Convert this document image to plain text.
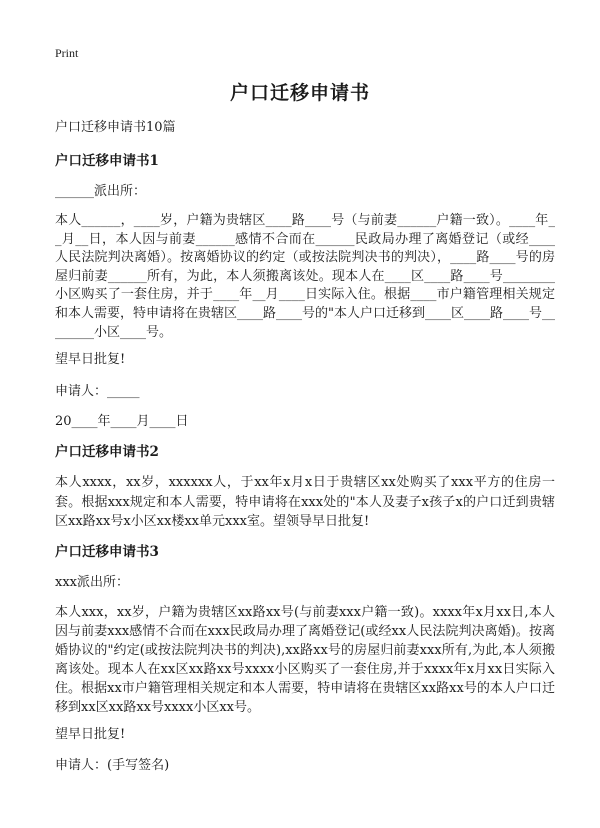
Print
户口迁移申请书

户口迁移申请书10篇

户口迁移申请书1

______派出所：

本人______，____岁，户籍为贵辖区____路____号（与前妻______户籍一致）。____年__月__日，本人因与前妻______感情不合而在______民政局办理了离婚登记（或经____人民法院判决离婚）。按离婚协议的约定（或按法院判决书的判决），____路____号的房屋归前妻______所有，为此，本人须搬离该处。现本人在____区____路____号________小区购买了一套住房，并于____年__月____日实际入住。根据____市户籍管理相关规定和本人需要，特申请将在贵辖区____路____号的"本人户口迁移到____区____路____号________小区____号。

望早日批复!

申请人：_____

20____年____月____日

户口迁移申请书2

本人xxxx，xx岁，xxxxxx人，于xx年x月x日于贵辖区xx处购买了xxx平方的住房一套。根据xxx规定和本人需要，特申请将在xxx处的"本人及妻子x孩子x的户口迁到贵辖区xx路xx号x小区xx楼xx单元xxx室。望领导早日批复!

户口迁移申请书3

xxx派出所：

本人xxx，xx岁，户籍为贵辖区xx路xx号(与前妻xxx户籍一致)。xxxx年x月xx日,本人因与前妻xxx感情不合而在xxx民政局办理了离婚登记(或经xx人民法院判决离婚)。按离婚协议的"约定(或按法院判决书的判决),xx路xx号的房屋归前妻xxx所有,为此,本人须搬离该处。现本人在xx区xx路xx号xxxx小区购买了一套住房,并于xxxx年x月xx日实际入住。根据xx市户籍管理相关规定和本人需要，特申请将在贵辖区xx路xx号的本人户口迁移到xx区xx路xx号xxxx小区xx号。

望早日批复!

申请人：(手写签名)
